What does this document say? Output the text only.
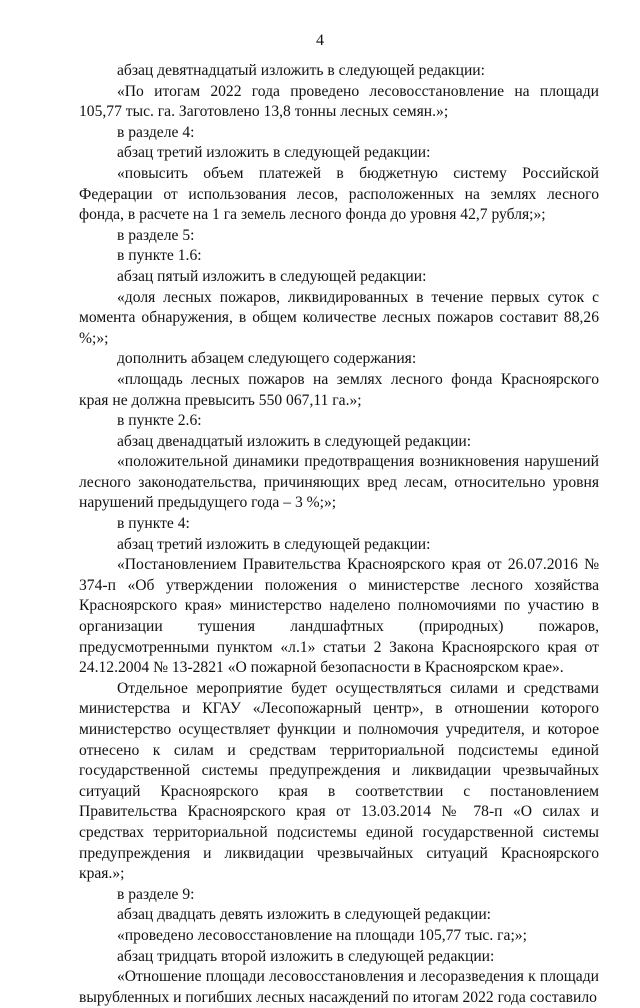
4

абзац девятнадцатый изложить в следующей редакции:

«По итогам 2022 года проведено лесовосстановление на площади 105,77 тыс. га. Заготовлено 13,8 тонны лесных семян.»;

в разделе 4:

абзац третий изложить в следующей редакции:

«повысить объем платежей в бюджетную систему Российской Федерации от использования лесов, расположенных на землях лесного фонда, в расчете на 1 га земель лесного фонда до уровня 42,7 рубля;»;

в разделе 5:

в пункте 1.6:

абзац пятый изложить в следующей редакции:

«доля лесных пожаров, ликвидированных в течение первых суток с момента обнаружения, в общем количестве лесных пожаров составит 88,26 %;»;

дополнить абзацем следующего содержания:

«площадь лесных пожаров на землях лесного фонда Красноярского края не должна превысить 550 067,11 га.»;

в пункте 2.6:

абзац двенадцатый изложить в следующей редакции:

«положительной динамики предотвращения возникновения нарушений лесного законодательства, причиняющих вред лесам, относительно уровня нарушений предыдущего года – 3 %;»;

в пункте 4:

абзац третий изложить в следующей редакции:

«Постановлением Правительства Красноярского края от 26.07.2016 № 374-п «Об утверждении положения о министерстве лесного хозяйства Красноярского края» министерство наделено полномочиями по участию в организации тушения ландшафтных (природных) пожаров, предусмотренными пунктом «л.1» статьи 2 Закона Красноярского края от 24.12.2004 № 13-2821 «О пожарной безопасности в Красноярском крае».

Отдельное мероприятие будет осуществляться силами и средствами министерства и КГАУ «Лесопожарный центр», в отношении которого министерство осуществляет функции и полномочия учредителя, и которое отнесено к силам и средствам территориальной подсистемы единой государственной системы предупреждения и ликвидации чрезвычайных ситуаций Красноярского края в соответствии с постановлением Правительства Красноярского края от 13.03.2014 № 78-п «О силах и средствах территориальной подсистемы единой государственной системы предупреждения и ликвидации чрезвычайных ситуаций Красноярского края.»;

в разделе 9:

абзац двадцать девять изложить в следующей редакции:

«проведено лесовосстановление на площади 105,77 тыс. га;»;

абзац тридцать второй изложить в следующей редакции:

«Отношение площади лесовосстановления и лесоразведения к площади вырубленных и погибших лесных насаждений по итогам 2022 года составило
